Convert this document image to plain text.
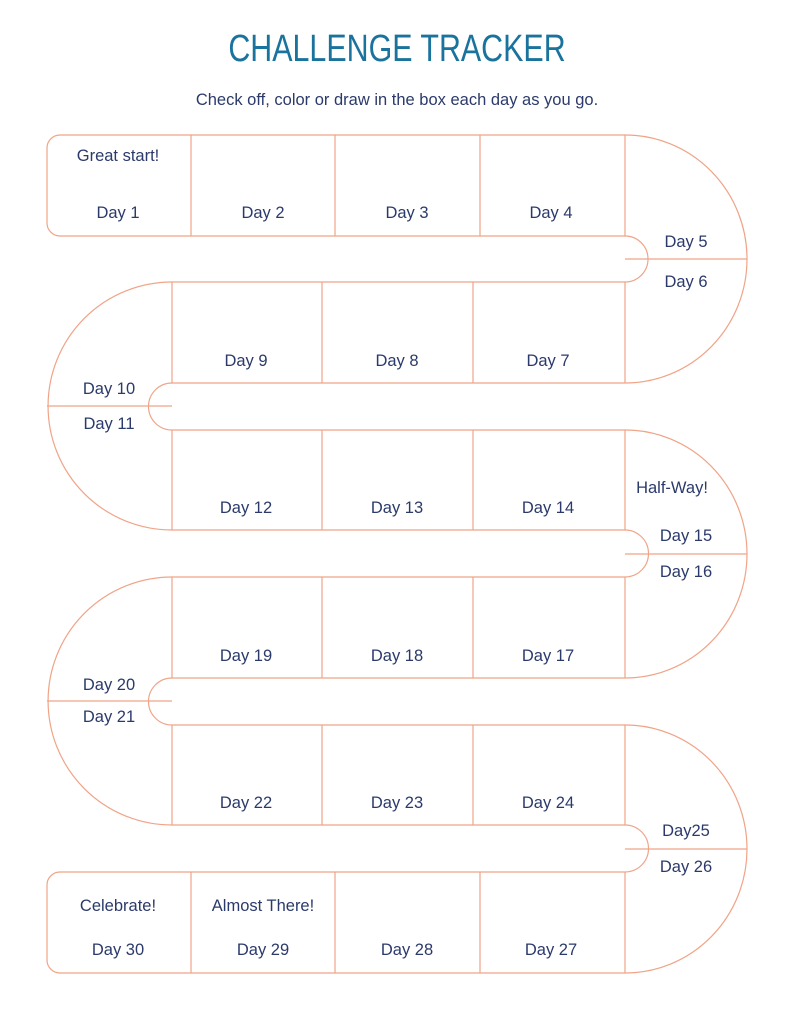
CHALLENGE TRACKER
Check off, color or draw in the box each day as you go.
Great start!
Half-Way!
Almost There!
Celebrate!
Day 1	Day 2	Day 3	Day 4
Day 5
Day 6
Day 7
Day 8
Day 9
Day 10
Day 11
Day 12	Day 13	Day 14
Day 15
Day 16
Day 17
Day 18
Day 19
Day 20
Day 21
Day 22	Day 23	Day 24
Day25
Day 26
Day 27
Day 28
Day 29
Day 30
